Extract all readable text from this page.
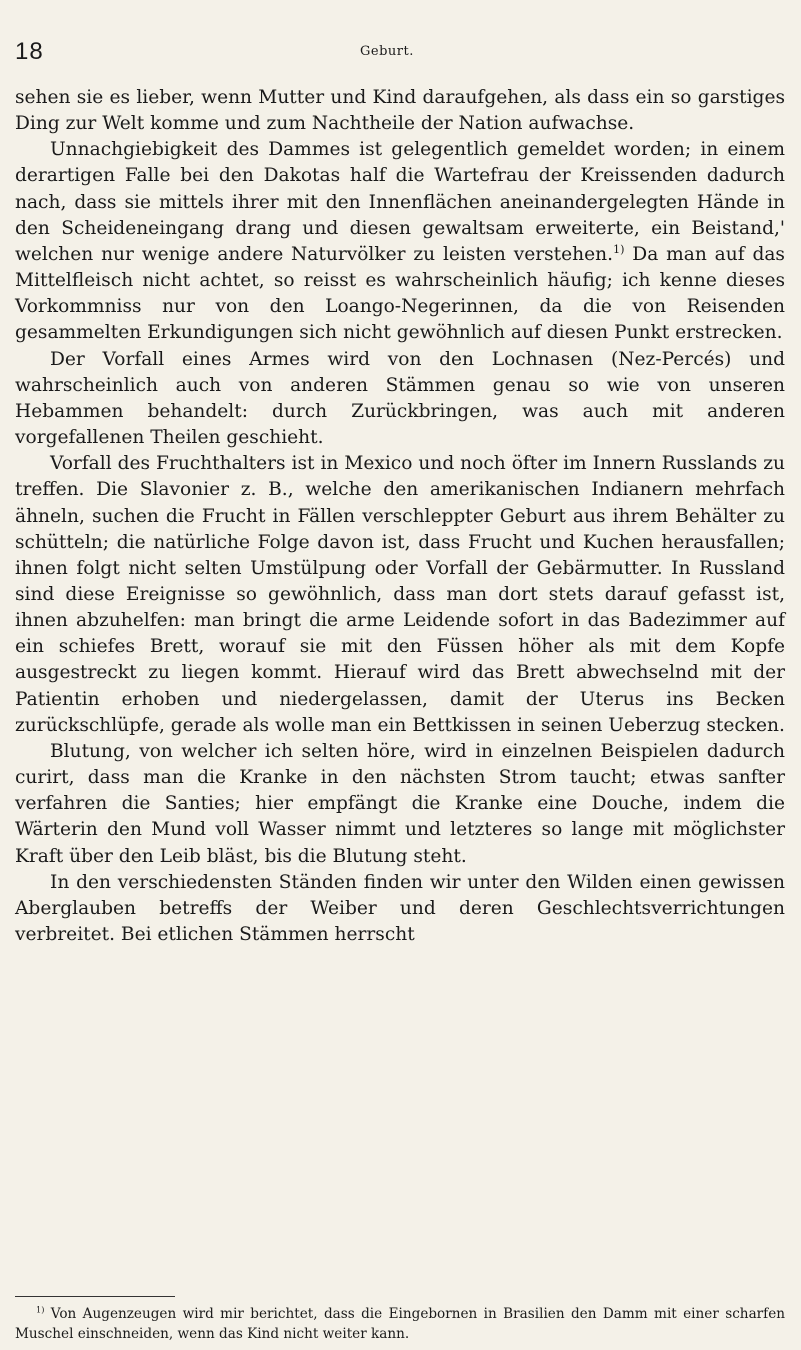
18	Geburt.

sehen sie es lieber, wenn Mutter und Kind daraufgehen, als dass ein so garstiges Ding zur Welt komme und zum Nachtheile der Nation aufwachse.

Unnachgiebigkeit des Dammes ist gelegentlich gemeldet worden; in einem derartigen Falle bei den Dakotas half die Wartefrau der Kreissenden dadurch nach, dass sie mittels ihrer mit den Innenflächen aneinandergelegten Hände in den Scheideneingang drang und diesen gewaltsam erweiterte, ein Beistand,' welchen nur wenige andere Naturvölker zu leisten verstehen.$^{1)}$ Da man auf das Mittelfleisch nicht achtet, so reisst es wahrscheinlich häufig; ich kenne dieses Vorkommniss nur von den Loango-Negerinnen, da die von Reisenden gesammelten Erkundigungen sich nicht gewöhnlich auf diesen Punkt erstrecken.

Der Vorfall eines Armes wird von den Lochnasen (Nez-Percés) und wahrscheinlich auch von anderen Stämmen genau so wie von unseren Hebammen behandelt: durch Zurückbringen, was auch mit anderen vorgefallenen Theilen geschieht.

Vorfall des Fruchthalters ist in Mexico und noch öfter im Innern Russlands zu treffen. Die Slavonier z. B., welche den amerikanischen Indianern mehrfach ähneln, suchen die Frucht in Fällen verschleppter Geburt aus ihrem Behälter zu schütteln; die natürliche Folge davon ist, dass Frucht und Kuchen herausfallen; ihnen folgt nicht selten Umstülpung oder Vorfall der Gebärmutter. In Russland sind diese Ereignisse so gewöhnlich, dass man dort stets darauf gefasst ist, ihnen abzuhelfen: man bringt die arme Leidende sofort in das Badezimmer auf ein schiefes Brett, worauf sie mit den Füssen höher als mit dem Kopfe ausgestreckt zu liegen kommt. Hierauf wird das Brett abwechselnd mit der Patientin erhoben und niedergelassen, damit der Uterus ins Becken zurückschlüpfe, gerade als wolle man ein Bettkissen in seinen Ueberzug stecken.

Blutung, von welcher ich selten höre, wird in einzelnen Beispielen dadurch curirt, dass man die Kranke in den nächsten Strom taucht; etwas sanfter verfahren die Santies; hier empfängt die Kranke eine Douche, indem die Wärterin den Mund voll Wasser nimmt und letzteres so lange mit möglichster Kraft über den Leib bläst, bis die Blutung steht.

In den verschiedensten Ständen finden wir unter den Wilden einen gewissen Aberglauben betreffs der Weiber und deren Geschlechtsverrichtungen verbreitet. Bei etlichen Stämmen herrscht

$^{1)}$ Von Augenzeugen wird mir berichtet, dass die Eingebornen in Brasilien den Damm mit einer scharfen Muschel einschneiden, wenn das Kind nicht weiter kann.
